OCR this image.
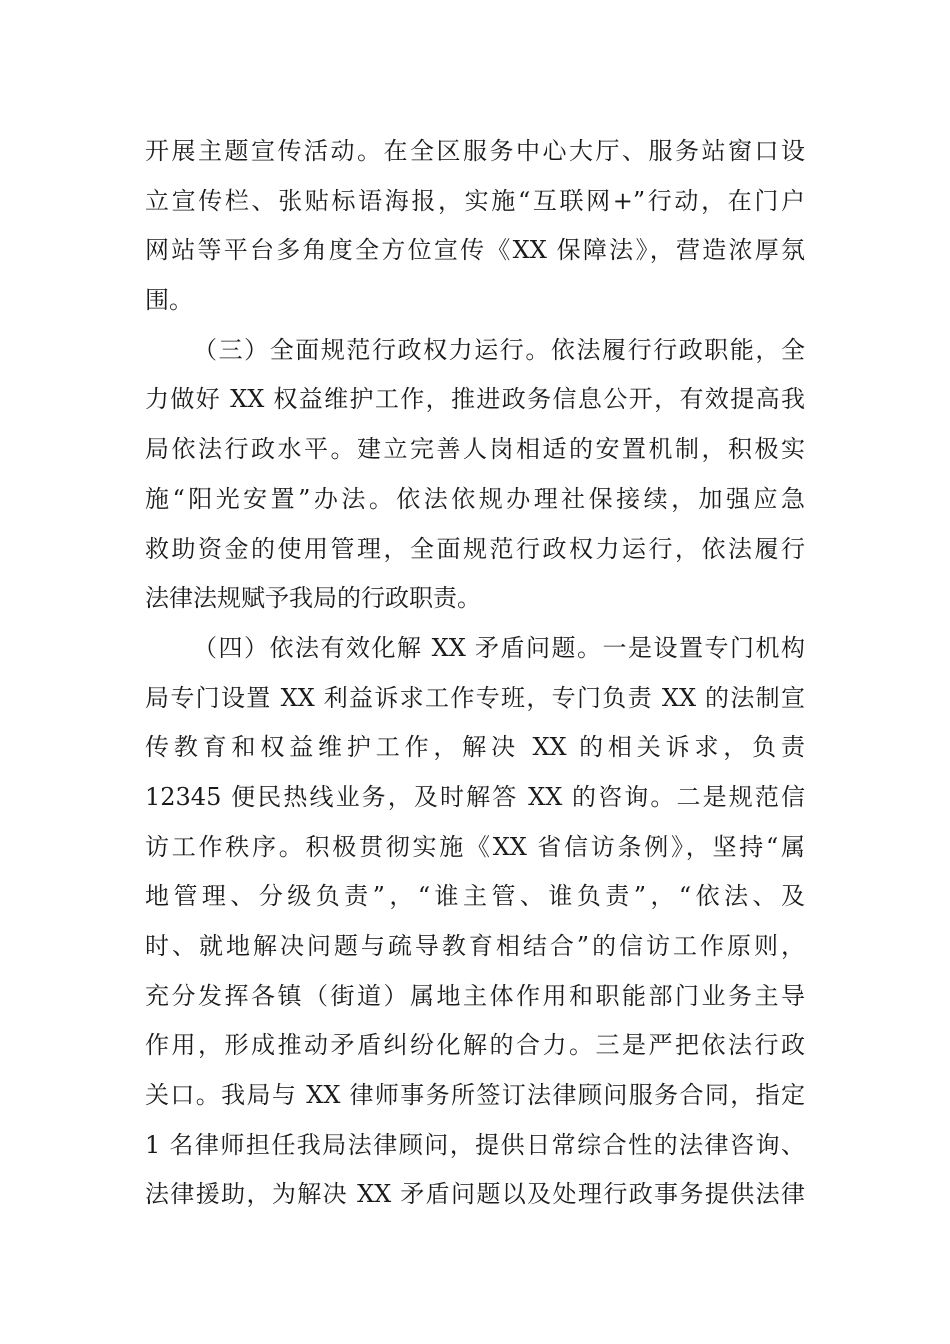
开展主题宣传活动。在全区服务中心大厅、服务站窗口设
立宣传栏、张贴标语海报，实施“互联网+”行动，在门户
网站等平台多角度全方位宣传《XX 保障法》，营造浓厚氛
围。
（三）全面规范行政权力运行。依法履行行政职能，全
力做好 XX 权益维护工作，推进政务信息公开，有效提高我
局依法行政水平。建立完善人岗相适的安置机制，积极实
施“阳光安置”办法。依法依规办理社保接续，加强应急
救助资金的使用管理，全面规范行政权力运行，依法履行
法律法规赋予我局的行政职责。
（四）依法有效化解 XX 矛盾问题。一是设置专门机构
局专门设置 XX 利益诉求工作专班，专门负责 XX 的法制宣
传教育和权益维护工作，解决 XX 的相关诉求，负责
12345 便民热线业务，及时解答 XX 的咨询。二是规范信
访工作秩序。积极贯彻实施《XX 省信访条例》，坚持“属
地管理、分级负责”，“谁主管、谁负责”，“依法、及
时、就地解决问题与疏导教育相结合”的信访工作原则，
充分发挥各镇（街道）属地主体作用和职能部门业务主导
作用，形成推动矛盾纠纷化解的合力。三是严把依法行政
关口。我局与 XX 律师事务所签订法律顾问服务合同，指定
1 名律师担任我局法律顾问，提供日常综合性的法律咨询、
法律援助，为解决 XX 矛盾问题以及处理行政事务提供法律
